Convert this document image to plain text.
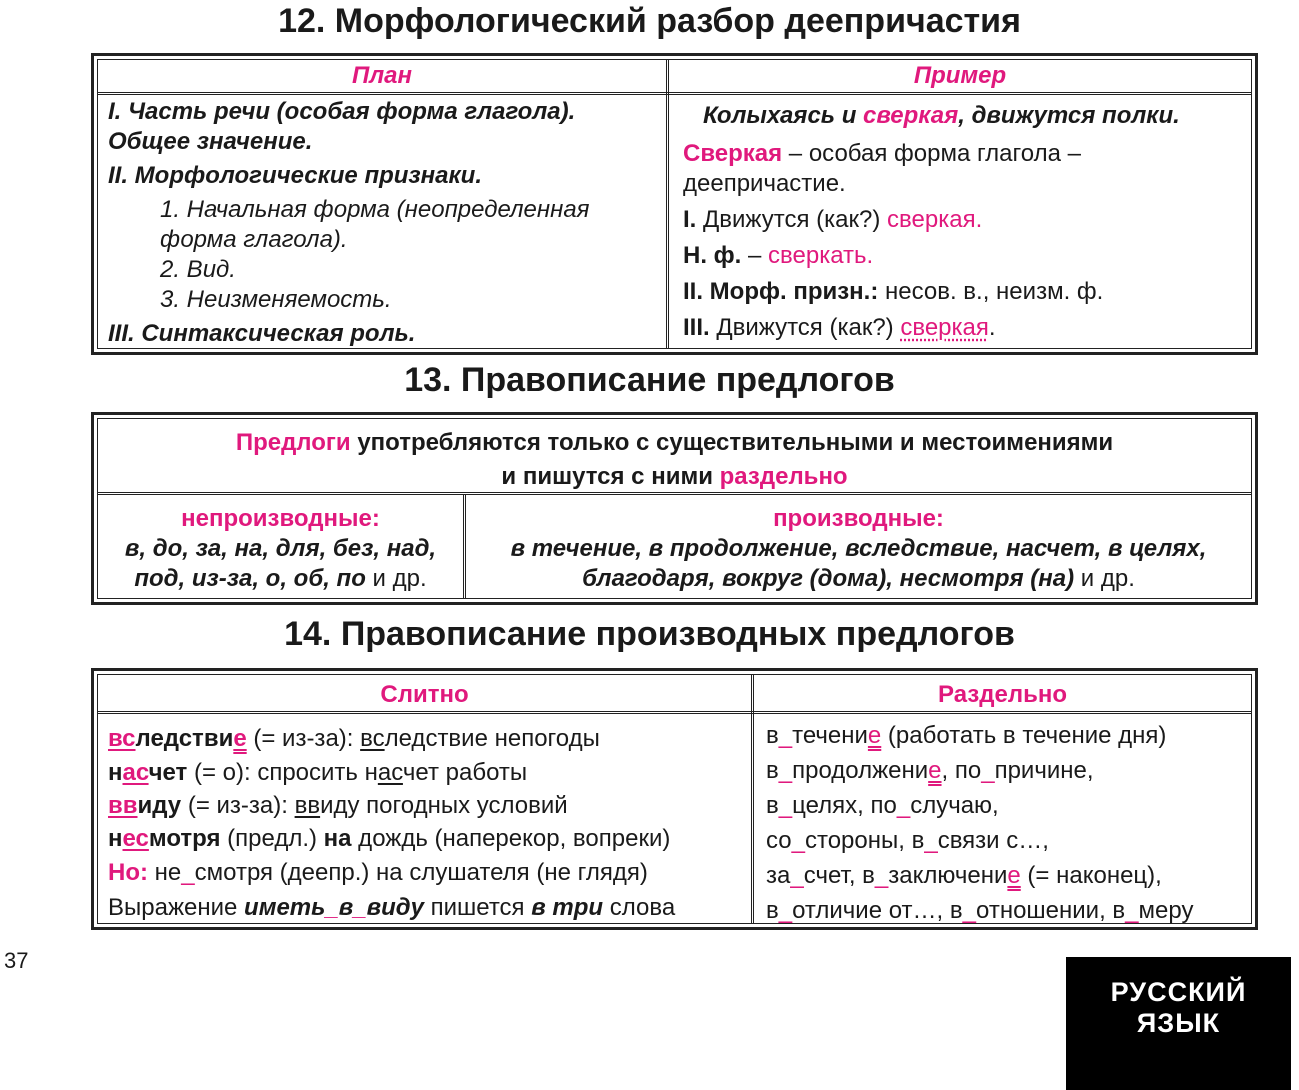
12. Морфологический разбор деепричастия
План
I. Часть речи (особая форма глагола).
Общее значение.
II. Морфологические признаки.
1. Начальная форма (неопределенная
форма глагола).
2. Вид.
3. Неизменяемость.
III. Синтаксическая роль.
Пример
Колыхаясь и сверкая, движутся полки.
Сверкая – особая форма глагола –
деепричастие.
I. Движутся (как?) сверкая.
Н. ф. – сверкать.
II. Морф. призн.: несов. в., неизм. ф.
III. Движутся (как?) сверкая.
13. Правописание предлогов
Предлоги употребляются только с существительными и местоимениями
и пишутся с ними раздельно
непроизводные:
в, до, за, на, для, без, над,
под, из-за, о, об, по и др.
производные:
в течение, в продолжение, вследствие, насчет, в целях,
благодаря, вокруг (дома), несмотря (на) и др.
14. Правописание производных предлогов
Слитно
вследствие (= из-за): вследствие непогоды
насчет (= о): спросить насчет работы
ввиду (= из-за): ввиду погодных условий
несмотря (предл.) на дождь (наперекор, вопреки)
Но: не_смотря (деепр.) на слушателя (не глядя)
Выражение иметь_в_виду пишется в три слова
Раздельно
в_течение (работать в течение дня)
в_продолжение, по_причине,
в_целях, по_случаю,
со_стороны, в_связи с…,
за_счет, в_заключение (= наконец),
в_отличие от…, в_отношении, в_меру
37
РУССКИЙ ЯЗЫК
